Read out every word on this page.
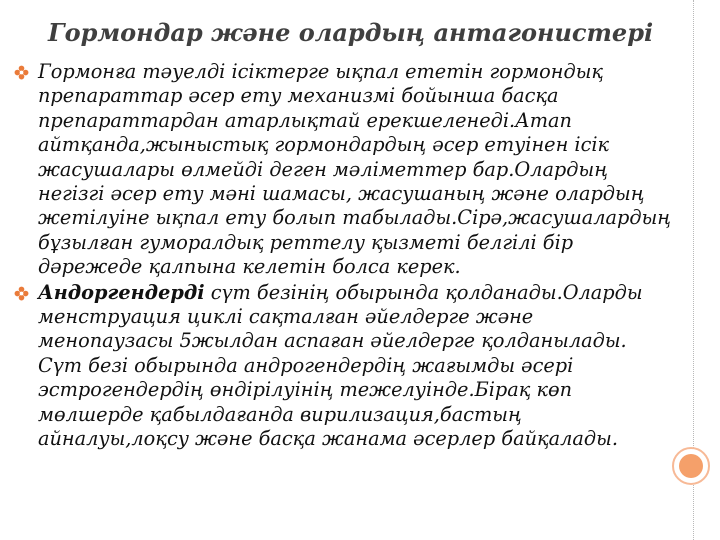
Гормондар және олардың антагонистері

Гормонға тәуелді ісіктерге ықпал ететін гормондық препараттар әсер ету механизмі бойынша басқа препараттардан атарлықтай ерекшеленеді.Атап айтқанда,жыныстық гормондардың әсер етуінен ісік жасушалары өлмейді деген мәліметтер бар.Олардың негізгі әсер ету мәні шамасы, жасушаның және олардың жетілуіне ықпал ету болып табылады.Сірә,жасушалардың бұзылған гуморалдық реттелу қызметі белгілі бір дәрежеде қалпына келетін болса керек.

Андоргендерді сүт безінің обырында қолданады.Оларды менструация циклі сақталған әйелдерге және менопаузасы 5жылдан аспаған әйелдерге қолданылады. Сүт безі обырында андрогендердің жағымды әсері эстрогендердің өндірілуінің тежелуінде.Бірақ көп мөлшерде қабылдағанда вирилизация,бастың айналуы,лоқсу және басқа жанама әсерлер байқалады.
